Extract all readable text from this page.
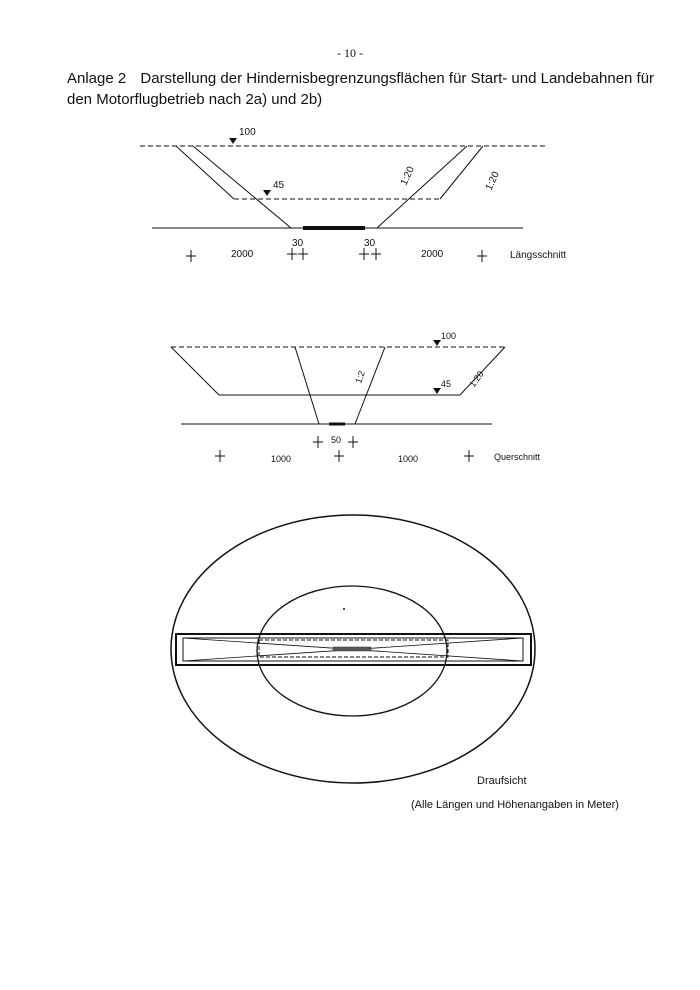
- 10 -
Anlage 2 Darstellung der Hindernisbegrenzungsflächen für Start- und Landebahnen für den Motorflugbetrieb nach 2a) und 2b)
100
45	1:20	1:20
30	30
2000	2000	Längsschnitt
100
45
1:2	1:20
50
1000	1000	Querschnitt
Draufsicht
(Alle Längen und Höhenangaben in Meter)
